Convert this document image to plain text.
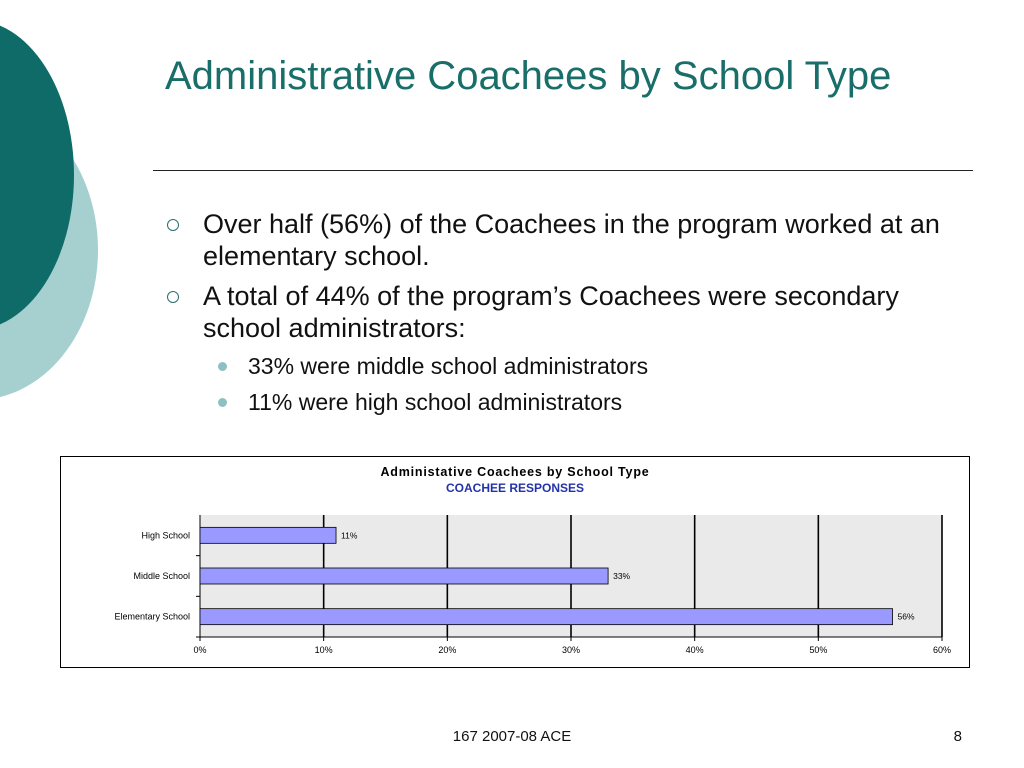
Administrative Coachees by School Type
Over half (56%) of the Coachees in the program worked at an elementary school.
A total of 44% of the program’s Coachees were secondary school administrators:
33% were middle school administrators
11% were high school administrators
Administative Coachees by School Type
COACHEE RESPONSES
0%	10%	20%	30%	40%	50%	60%
High School	11%
Middle School	33%
Elementary School	56%
167 2007-08 ACE	8
